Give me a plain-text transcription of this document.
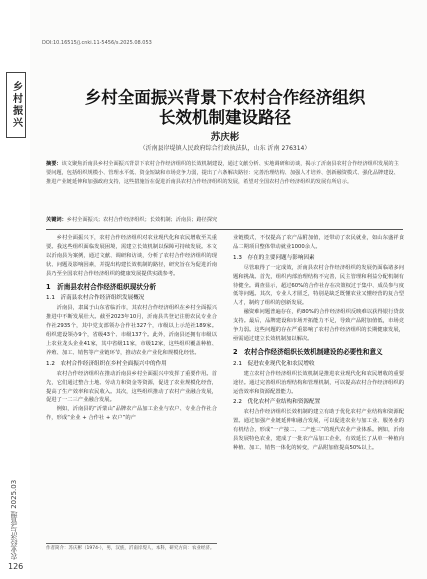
乡村振兴
农业经济与管理 2025.03
126
DOI:10.16515/j.cnki.11-5456/s.2025.08.053
乡村全面振兴背景下农村合作经济组织
长效机制建设路径
苏庆彬
（沂南县岸堤镇人民政府综合行政执法队，山东 沂南 276314）
摘要：该文聚焦沂南县乡村全面振兴背景下农村合作经济组织的长效机制建设，通过文献分析、实地调研和访谈，揭示了沂南县农村合作经济组织发展的主要问题，包括组织规模小、管理水平低、资金短缺和市场竞争力弱，提出了六条解决路径：完善治理结构、加强人才培养、创新融资模式、强化品牌建设、推进产业链延伸和加强政府支持，这些措施旨在促进沂南县农村合作经济组织的发展，希望对全国农村合作经济组织的发展有所启示。
关键词：乡村全面振兴；农村合作经济组织；长效机制；沂南县；路径探究

乡村全面振兴下，农村合作经济组织对农业现代化和农民增收至关重要。我这些组织面临发展困境，需建立长效机制以保障可持续发展。本文以沂南县为案例，通过文献、调研和访谈，分析了农村合作经济组织的现状、问题及影响因素，并提出构建长效机制的路径，研究旨在为促进沂南县乃至全国农村合作经济组织的健康发展提供实践参考。

1　沂南县农村合作经济组织现状分析
1.1　沂南县农村合作经济组织发展概况

沂南县，隶属于山东省临沂市，其农村合作经济组织在乡村全面振兴推进中不断发展壮大。截至2023年10月，沂南县共登记注册农民专业合作社2935个，其中党支部领办合作社327个，市级以上示范社189家。组织建设领办9个，省级43个、市级137个。此外，沂南县还拥有市级以上农业龙头企业41家，其中省级11家，市级12家，这些组织覆盖种植、养殖、加工、销售等产业链环节，推动农业产业化和规模化经营。

1.2　农村合作经济组织在乡村全面振兴中的作用

农村合作经济组织在推动沂南县乡村全面振兴中发挥了重要作用。首先，它们通过整合土地、劳动力和资金等资源，促进了农业规模化经营，提高了生产效率和农民收入。其次，这些组织推动了农村产业融合发展，促进了一二三产业融合发展。

例如，沂南县的“沂蒙山”品牌农产品加工企业与农户、专业合作社合作，形成“企业 + 合作社 + 农户”的产

作者简介：苏庆彬（1974-），男，汉族，沂南岸堤人，本科，研究方向：农业经济。

业链模式，不仅提高了农产品附加值，还带动了农民就业，如山东盛祥食品二期项目整体带动就业1000余人。

1.3　存在的主要问题与影响因素

尽管取得了一定成效，沂南县农村合作经济组织的发展仍面临诸多问题和挑战。首先，组织内部治理结构不完善，民主管理和利益分配机制有待健全。调查显示，超过60%的合作社存在决策权过于集中、成员参与度低等问题。其次，专业人才匮乏，特别是缺乏既懂农业又懂经营的复合型人才，制约了组织的创新发展。

融资难问题普遍存在，约80%的合作经济组织反映难以获得银行贷款支持。最后，品牌建设和市场开拓能力不足，导致产品附加值低，市场竞争力弱。这些问题的存在严重影响了农村合作经济组织的长期健康发展，亟需通过建立长效机制加以解决。

2　农村合作经济组织长效机制建设的必要性和意义
2.1　促进农业现代化和农民增收

建立农村合作经济组织长效机制是推进农业现代化和农民增收的重要途径。通过完善组织治理结构和管理机制，可以提高农村合作经济组织的运营效率和资源配置能力。

2.2　优化农村产业结构和资源配置

农村合作经济组织长效机制的建立有助于优化农村产业结构和资源配置。通过加强产业链延伸和融合发展，可以促进农业与加工业、服务业的有机结合，形成“一产接二、二产连三”的现代农业产业体系。例如，沂南县发展特色农业，建成了一批农产品加工企业，有效延长了从单一种植向种植、加工、销售一体化的转变，产品附加值提高50%以上。
